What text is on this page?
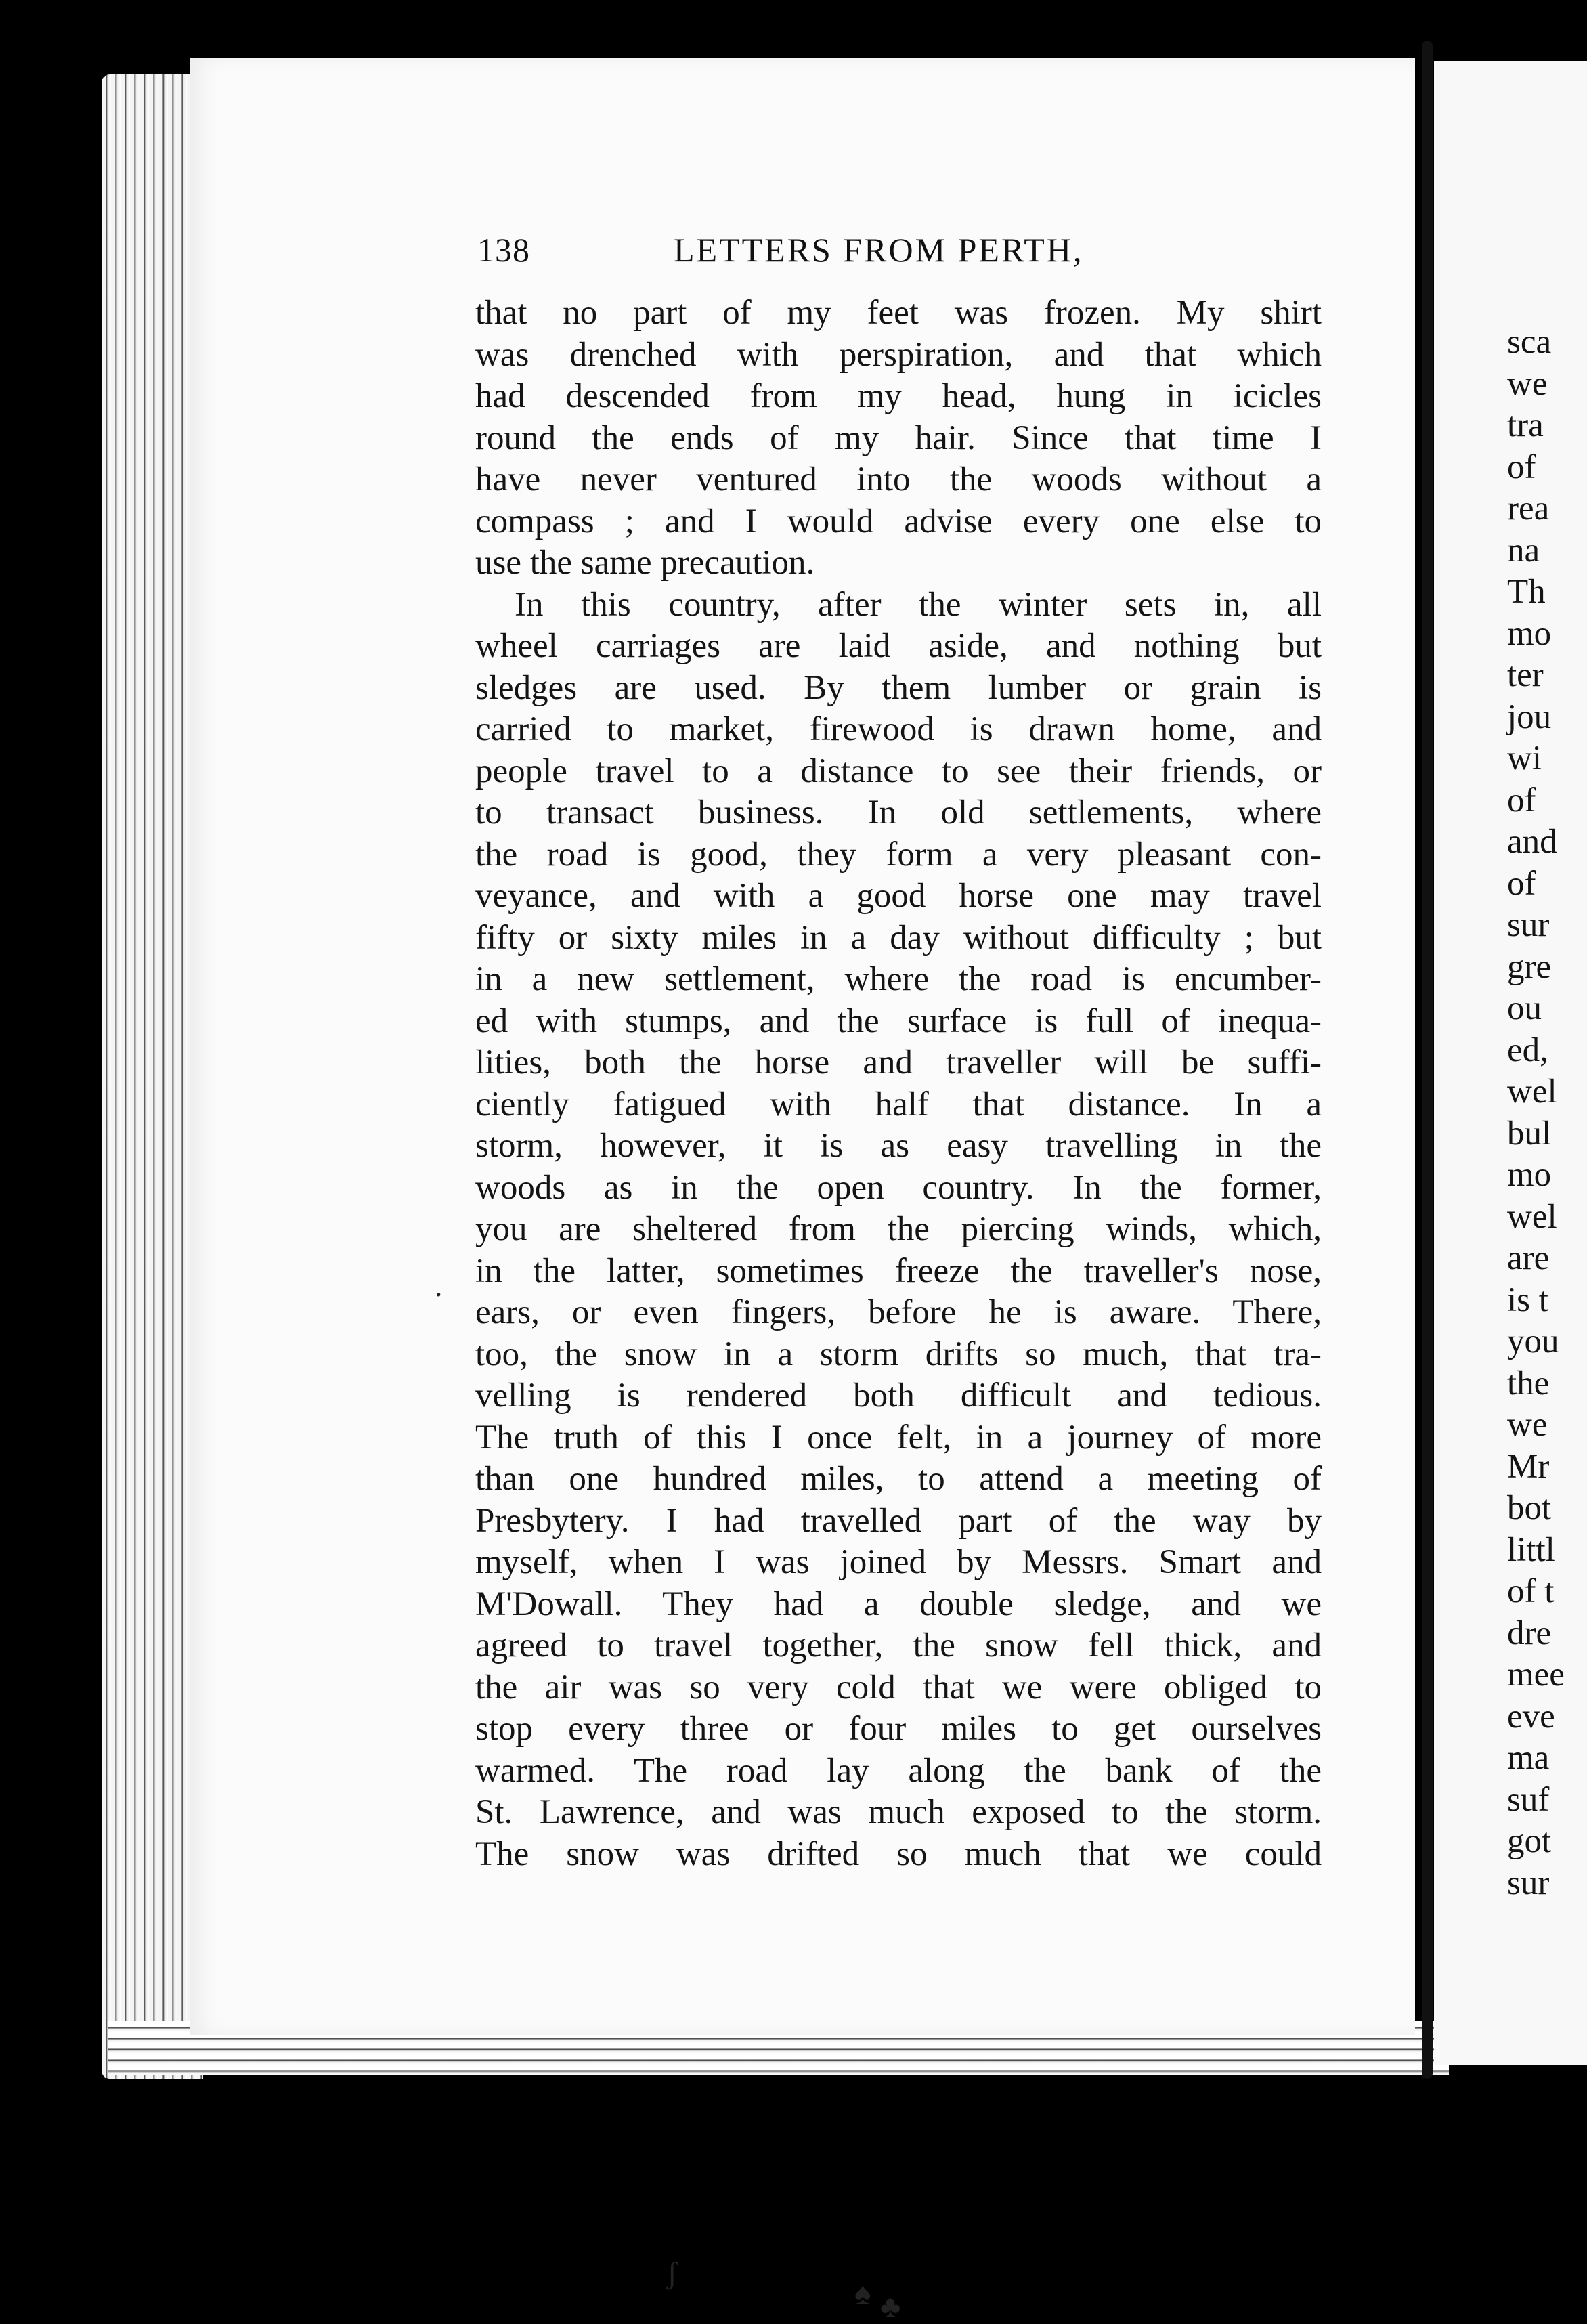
138	LETTERS FROM PERTH,
that no part of my feet was frozen. My shirt
was drenched with perspiration, and that which
had descended from my head, hung in icicles
round the ends of my hair. Since that time I
have never ventured into the woods without a
compass ; and I would advise every one else to
use the same precaution.
In this country, after the winter sets in, all
wheel carriages are laid aside, and nothing but
sledges are used. By them lumber or grain is
carried to market, firewood is drawn home, and
people travel to a distance to see their friends, or
to transact business. In old settlements, where
the road is good, they form a very pleasant con-
veyance, and with a good horse one may travel
fifty or sixty miles in a day without difficulty ; but
in a new settlement, where the road is encumber-
ed with stumps, and the surface is full of inequa-
lities, both the horse and traveller will be suffi-
ciently fatigued with half that distance. In a
storm, however, it is as easy travelling in the
woods as in the open country. In the former,
you are sheltered from the piercing winds, which,
in the latter, sometimes freeze the traveller's nose,
ears, or even fingers, before he is aware. There,
too, the snow in a storm drifts so much, that tra-
velling is rendered both difficult and tedious.
The truth of this I once felt, in a journey of more
than one hundred miles, to attend a meeting of
Presbytery. I had travelled part of the way by
myself, when I was joined by Messrs. Smart and
M'Dowall. They had a double sledge, and we
agreed to travel together, the snow fell thick, and
the air was so very cold that we were obliged to
stop every three or four miles to get ourselves
warmed. The road lay along the bank of the
St. Lawrence, and was much exposed to the storm.
The snow was drifted so much that we could
sca
we
tra
of
rea
na
Th
mo
ter
jou
wi
of
and
of
sur
gre
ou
ed,
wel
bul
mo
wel
are
is t
you
the
we
Mr
bot
littl
of t
dre
mee
eve
ma
suf
got
sur
·
ʃ
♠ ♣
